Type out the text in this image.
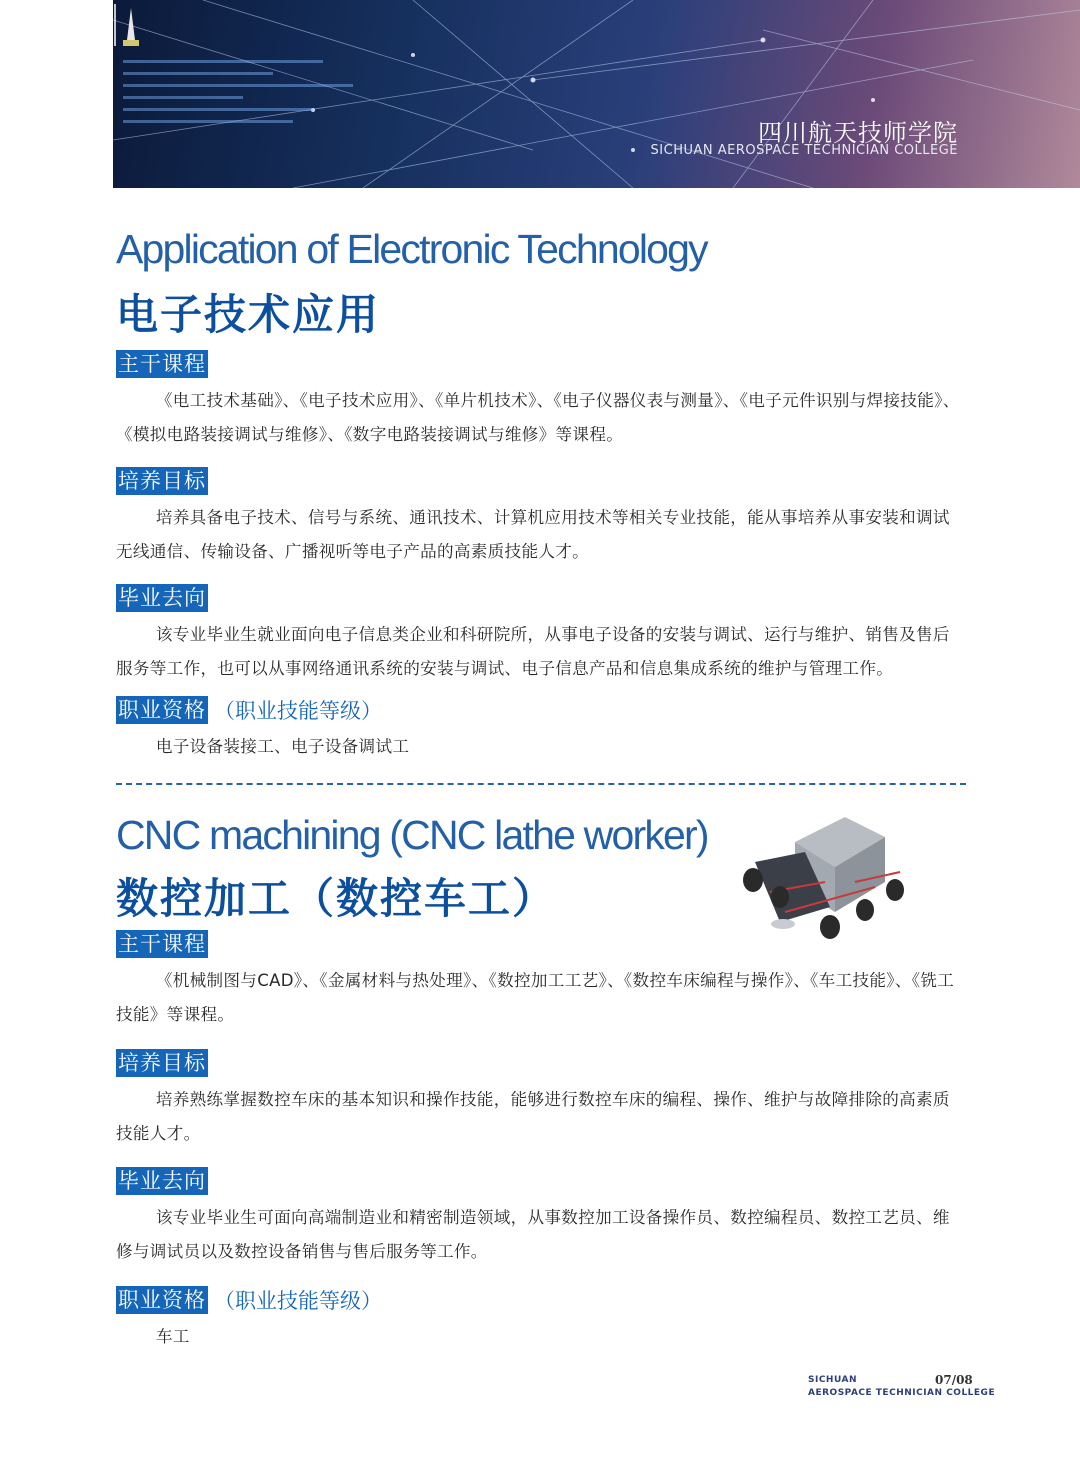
四川航天技师学院
SICHUAN AEROSPACE TECHNICIAN COLLEGE
Application of Electronic Technology
电子技术应用
主干课程
《电工技术基础》、《电子技术应用》、《单片机技术》、《电子仪器仪表与测量》、《电子元件识别与焊接技能》、《模拟电路装接调试与维修》、《数字电路装接调试与维修》等课程。
培养目标
培养具备电子技术、信号与系统、通讯技术、计算机应用技术等相关专业技能，能从事培养从事安装和调试无线通信、传输设备、广播视听等电子产品的高素质技能人才。
毕业去向
该专业毕业生就业面向电子信息类企业和科研院所，从事电子设备的安装与调试、运行与维护、销售及售后服务等工作，也可以从事网络通讯系统的安装与调试、电子信息产品和信息集成系统的维护与管理工作。
职业资格 （职业技能等级）
电子设备装接工、电子设备调试工
CNC machining (CNC lathe worker)
数控加工（数控车工）
主干课程
《机械制图与CAD》、《金属材料与热处理》、《数控加工工艺》、《数控车床编程与操作》、《车工技能》、《铣工技能》等课程。
培养目标
培养熟练掌握数控车床的基本知识和操作技能，能够进行数控车床的编程、操作、维护与故障排除的高素质技能人才。
毕业去向
该专业毕业生可面向高端制造业和精密制造领域，从事数控加工设备操作员、数控编程员、数控工艺员、维修与调试员以及数控设备销售与售后服务等工作。
职业资格 （职业技能等级）
车工
SICHUAN
AEROSPACE TECHNICIAN COLLEGE
07/08
